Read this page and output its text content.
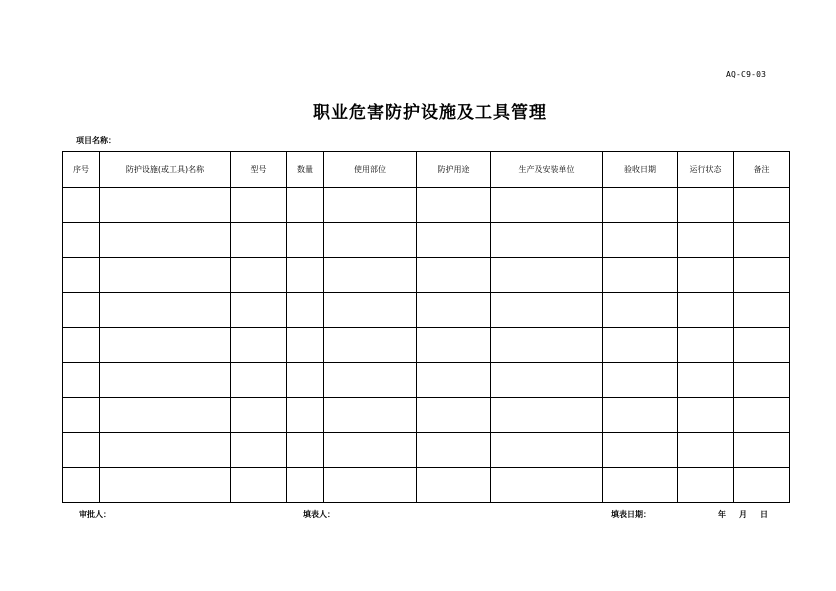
AQ-C9-03
职业危害防护设施及工具管理
项目名称：
序号	防护设施(或工具)名称	型号	数量	使用部位	防护用途	生产及安装单位	验收日期	运行状态	备注

审批人：	填表人：	填表日期：	年 月 日
